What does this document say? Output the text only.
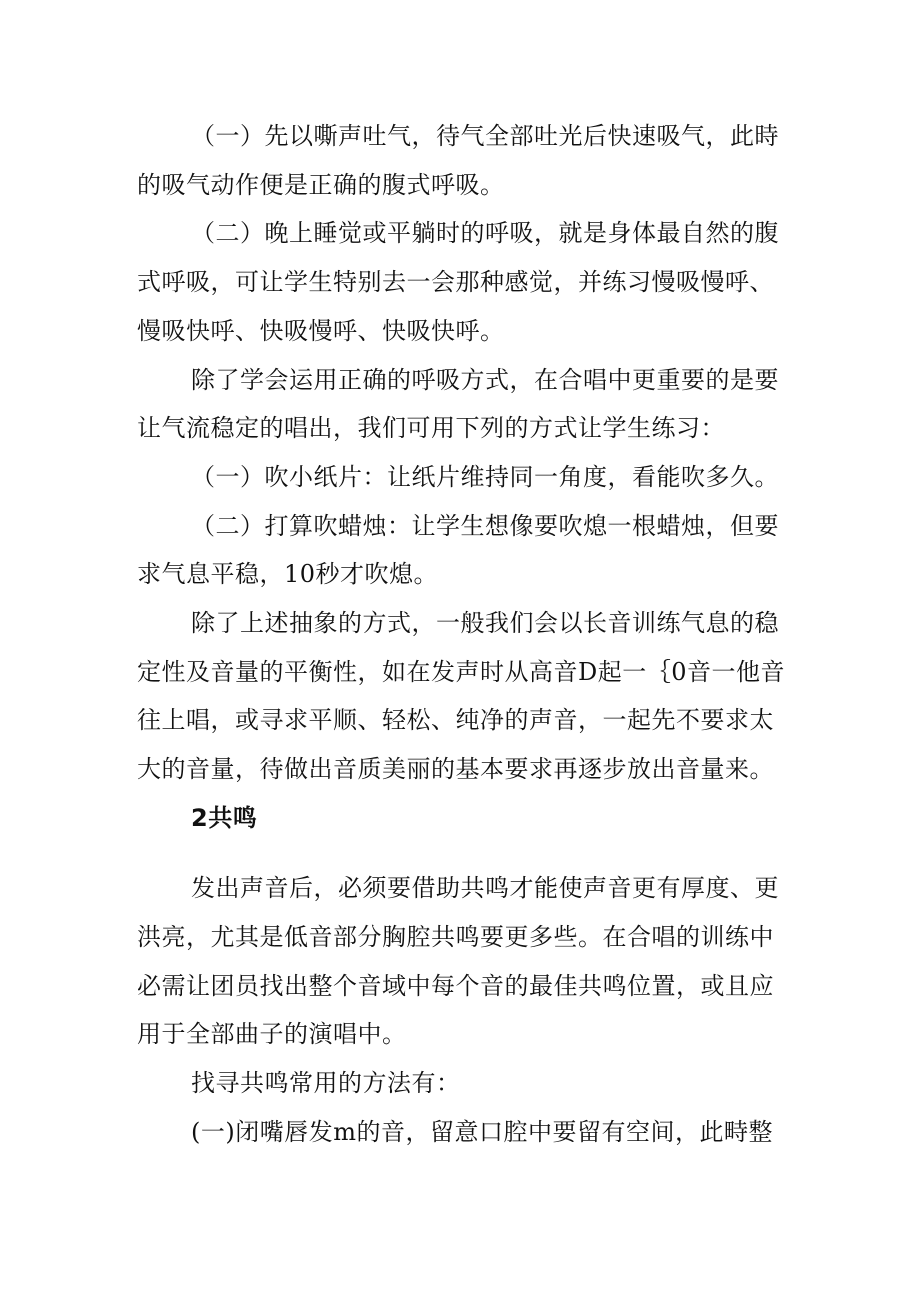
（一）先以嘶声吐气，待气全部吐光后快速吸气，此時
的吸气动作便是正确的腹式呼吸。
（二）晚上睡觉或平躺时的呼吸，就是身体最自然的腹
式呼吸，可让学生特别去一会那种感觉，并练习慢吸慢呼、
慢吸快呼、快吸慢呼、快吸快呼。
除了学会运用正确的呼吸方式，在合唱中更重要的是要
让气流稳定的唱出，我们可用下列的方式让学生练习：
（一）吹小纸片：让纸片维持同一角度，看能吹多久。
（二）打算吹蜡烛：让学生想像要吹熄一根蜡烛，但要
求气息平稳，10秒才吹熄。
除了上述抽象的方式，一般我们会以长音训练气息的稳
定性及音量的平衡性，如在发声时从高音D起一｛0音一他音
往上唱，或寻求平顺、轻松、纯净的声音，一起先不要求太
大的音量，待做出音质美丽的基本要求再逐步放出音量来。
2共鸣
发出声音后，必须要借助共鸣才能使声音更有厚度、更
洪亮，尤其是低音部分胸腔共鸣要更多些。在合唱的训练中
必需让团员找出整个音域中每个音的最佳共鸣位置，或且应
用于全部曲子的演唱中。
找寻共鸣常用的方法有：
(一)闭嘴唇发m的音，留意口腔中要留有空间，此畤整
